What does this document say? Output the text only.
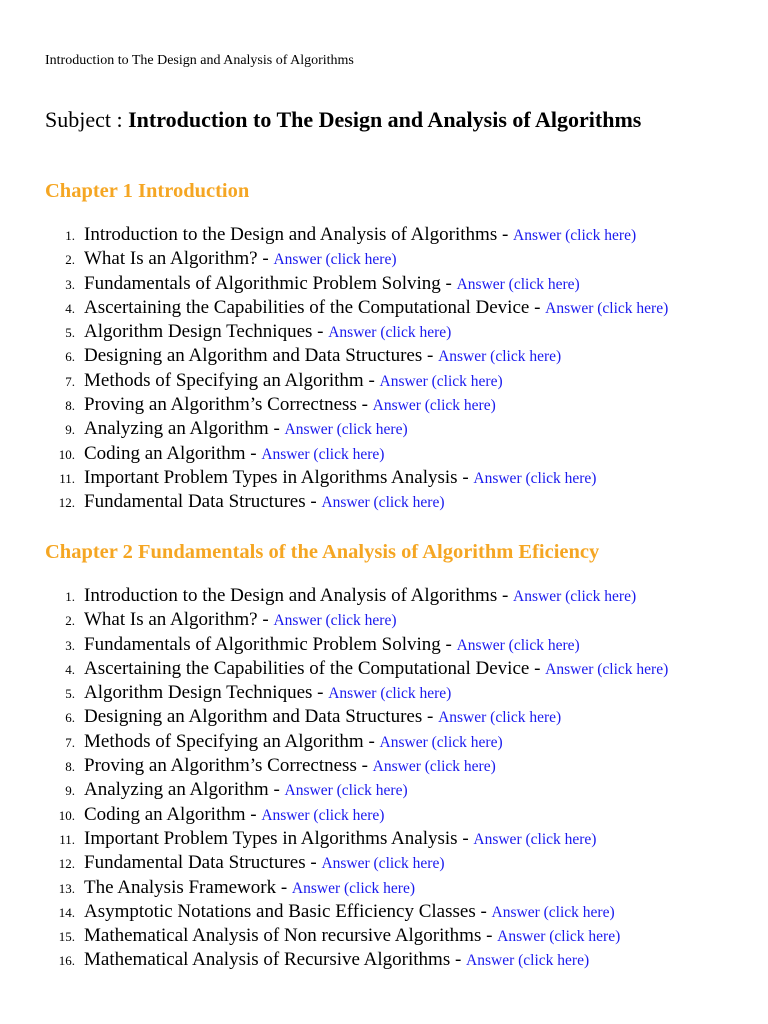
Introduction to The Design and Analysis of Algorithms
Subject : Introduction to The Design and Analysis of Algorithms
Chapter 1 Introduction
1. Introduction to the Design and Analysis of Algorithms - Answer (click here)
2. What Is an Algorithm? - Answer (click here)
3. Fundamentals of Algorithmic Problem Solving - Answer (click here)
4. Ascertaining the Capabilities of the Computational Device - Answer (click here)
5. Algorithm Design Techniques - Answer (click here)
6. Designing an Algorithm and Data Structures - Answer (click here)
7. Methods of Specifying an Algorithm - Answer (click here)
8. Proving an Algorithm’s Correctness - Answer (click here)
9. Analyzing an Algorithm - Answer (click here)
10. Coding an Algorithm - Answer (click here)
11. Important Problem Types in Algorithms Analysis - Answer (click here)
12. Fundamental Data Structures - Answer (click here)
Chapter 2 Fundamentals of the Analysis of Algorithm Eficiency
1. Introduction to the Design and Analysis of Algorithms - Answer (click here)
2. What Is an Algorithm? - Answer (click here)
3. Fundamentals of Algorithmic Problem Solving - Answer (click here)
4. Ascertaining the Capabilities of the Computational Device - Answer (click here)
5. Algorithm Design Techniques - Answer (click here)
6. Designing an Algorithm and Data Structures - Answer (click here)
7. Methods of Specifying an Algorithm - Answer (click here)
8. Proving an Algorithm’s Correctness - Answer (click here)
9. Analyzing an Algorithm - Answer (click here)
10. Coding an Algorithm - Answer (click here)
11. Important Problem Types in Algorithms Analysis - Answer (click here)
12. Fundamental Data Structures - Answer (click here)
13. The Analysis Framework - Answer (click here)
14. Asymptotic Notations and Basic Efficiency Classes - Answer (click here)
15. Mathematical Analysis of Non recursive Algorithms - Answer (click here)
16. Mathematical Analysis of Recursive Algorithms - Answer (click here)
